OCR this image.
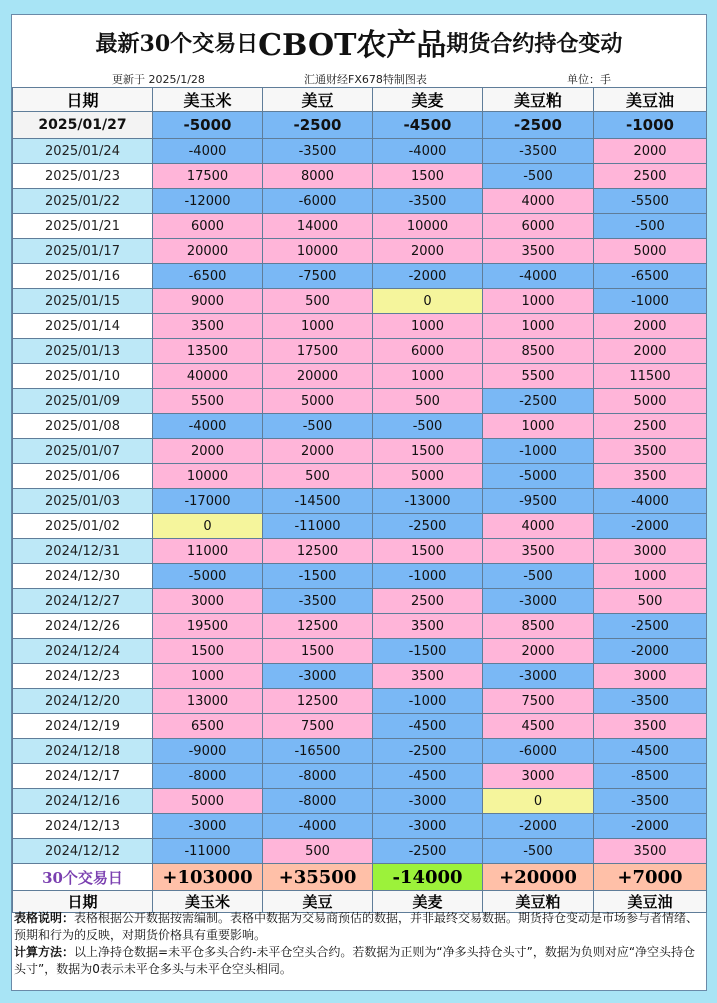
最新30个交易日 CBOT农产品 期货合约持仓变动
更新于 2025/1/28	汇通财经FX678特制图表	单位：手
日期	美玉米	美豆	美麦	美豆粕	美豆油
2025/01/27	-5000	-2500	-4500	-2500	-1000
2025/01/24	-4000	-3500	-4000	-3500	2000
2025/01/23	17500	8000	1500	-500	2500
2025/01/22	-12000	-6000	-3500	4000	-5500
2025/01/21	6000	14000	10000	6000	-500
2025/01/17	20000	10000	2000	3500	5000
2025/01/16	-6500	-7500	-2000	-4000	-6500
2025/01/15	9000	500	0	1000	-1000
2025/01/14	3500	1000	1000	1000	2000
2025/01/13	13500	17500	6000	8500	2000
2025/01/10	40000	20000	1000	5500	11500
2025/01/09	5500	5000	500	-2500	5000
2025/01/08	-4000	-500	-500	1000	2500
2025/01/07	2000	2000	1500	-1000	3500
2025/01/06	10000	500	5000	-5000	3500
2025/01/03	-17000	-14500	-13000	-9500	-4000
2025/01/02	0	-11000	-2500	4000	-2000
2024/12/31	11000	12500	1500	3500	3000
2024/12/30	-5000	-1500	-1000	-500	1000
2024/12/27	3000	-3500	2500	-3000	500
2024/12/26	19500	12500	3500	8500	-2500
2024/12/24	1500	1500	-1500	2000	-2000
2024/12/23	1000	-3000	3500	-3000	3000
2024/12/20	13000	12500	-1000	7500	-3500
2024/12/19	6500	7500	-4500	4500	3500
2024/12/18	-9000	-16500	-2500	-6000	-4500
2024/12/17	-8000	-8000	-4500	3000	-8500
2024/12/16	5000	-8000	-3000	0	-3500
2024/12/13	-3000	-4000	-3000	-2000	-2000
2024/12/12	-11000	500	-2500	-500	3500
30个交易日	+103000	+35500	-14000	+20000	+7000
日期	美玉米	美豆	美麦	美豆粕	美豆油
表格说明：表格根据公开数据按需编制。表格中数据为交易商预估的数据，并非最终交易数据。期货持仓变动是市场参与者情绪、预期和行为的反映，对期货价格具有重要影响。
计算方法：以上净持仓数据=未平仓多头合约-未平仓空头合约。若数据为正则为“净多头持仓头寸”，数据为负则对应“净空头持仓头寸”，数据为0表示未平仓多头与未平仓空头相同。
